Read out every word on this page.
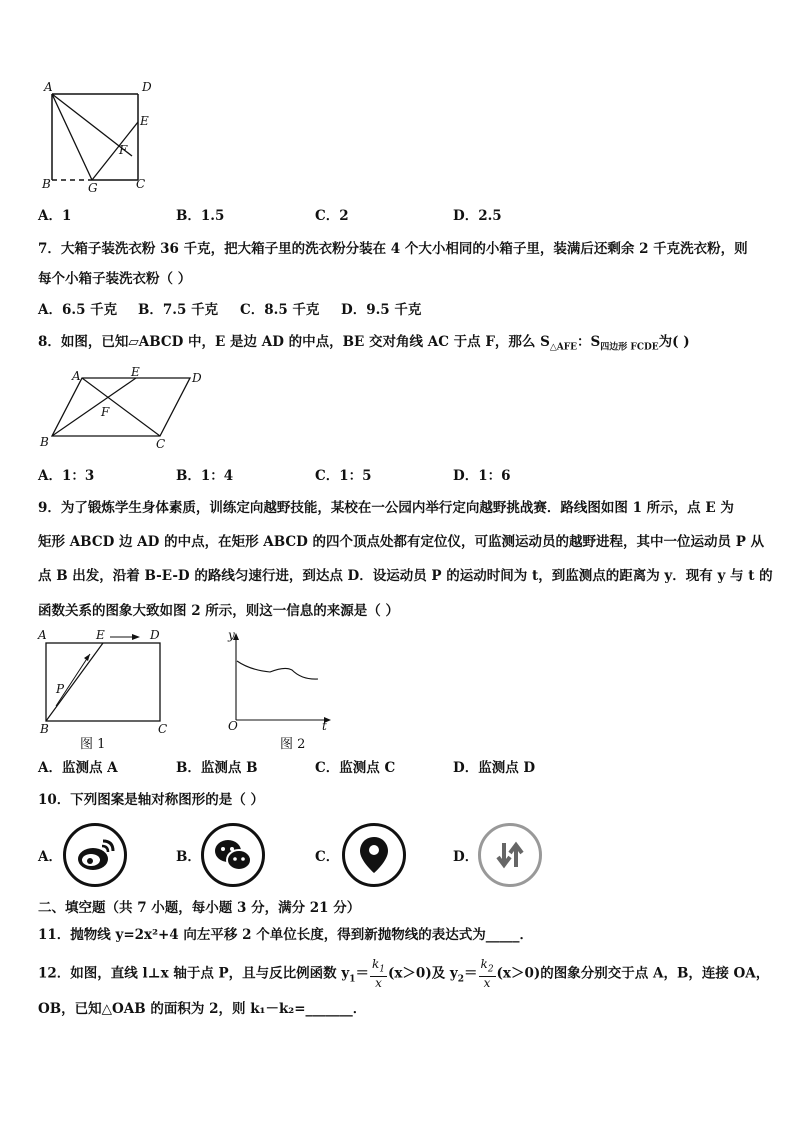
A	D
E
F
B	G	C
A．1	B．1.5	C．2	D．2.5
7．大箱子装洗衣粉 36 千克，把大箱子里的洗衣粉分装在 4 个大小相同的小箱子里，装满后还剩余 2 千克洗衣粉，则
每个小箱子装洗衣粉（ ）
A．6.5 千克 B．7.5 千克 C．8.5 千克 D．9.5 千克
8．如图，已知▱ABCD 中，E 是边 AD 的中点，BE 交对角线 AC 于点 F，那么 $S_{\triangle AFE}$：$S_{四边形 FCDE}$为( )
A	E	D
F
B	C
A．1：3	B．1：4	C．1：5	D．1：6
9．为了锻炼学生身体素质，训练定向越野技能，某校在一公园内举行定向越野挑战赛．路线图如图 1 所示，点 E 为
矩形 ABCD 边 AD 的中点，在矩形 ABCD 的四个顶点处都有定位仪，可监测运动员的越野进程，其中一位运动员 P 从
点 B 出发，沿着 B-E-D 的路线匀速行进，到达点 D．设运动员 P 的运动时间为 t，到监测点的距离为 y．现有 y 与 t 的
函数关系的图象大致如图 2 所示，则这一信息的来源是（ ）
A	E	D
P
B	C
图 1
y
O	t
图 2
A．监测点 A	B．监测点 B	C．监测点 C	D．监测点 D
10．下列图案是轴对称图形的是（ ）
A．	B．	C．	D．
二、填空题（共 7 小题，每小题 3 分，满分 21 分）
11．抛物线 y=2x²+4 向左平移 2 个单位长度，得到新抛物线的表达式为_____．
12．如图，直线 l⊥x 轴于点 P，且与反比例函数 $y_1= \frac{k_1}{x} (x>0)$及 $y_2= \frac{k_2}{x} (x>0)$的图象分别交于点 A，B，连接 OA，
OB，已知△OAB 的面积为 2，则 k₁－k₂=_______．
